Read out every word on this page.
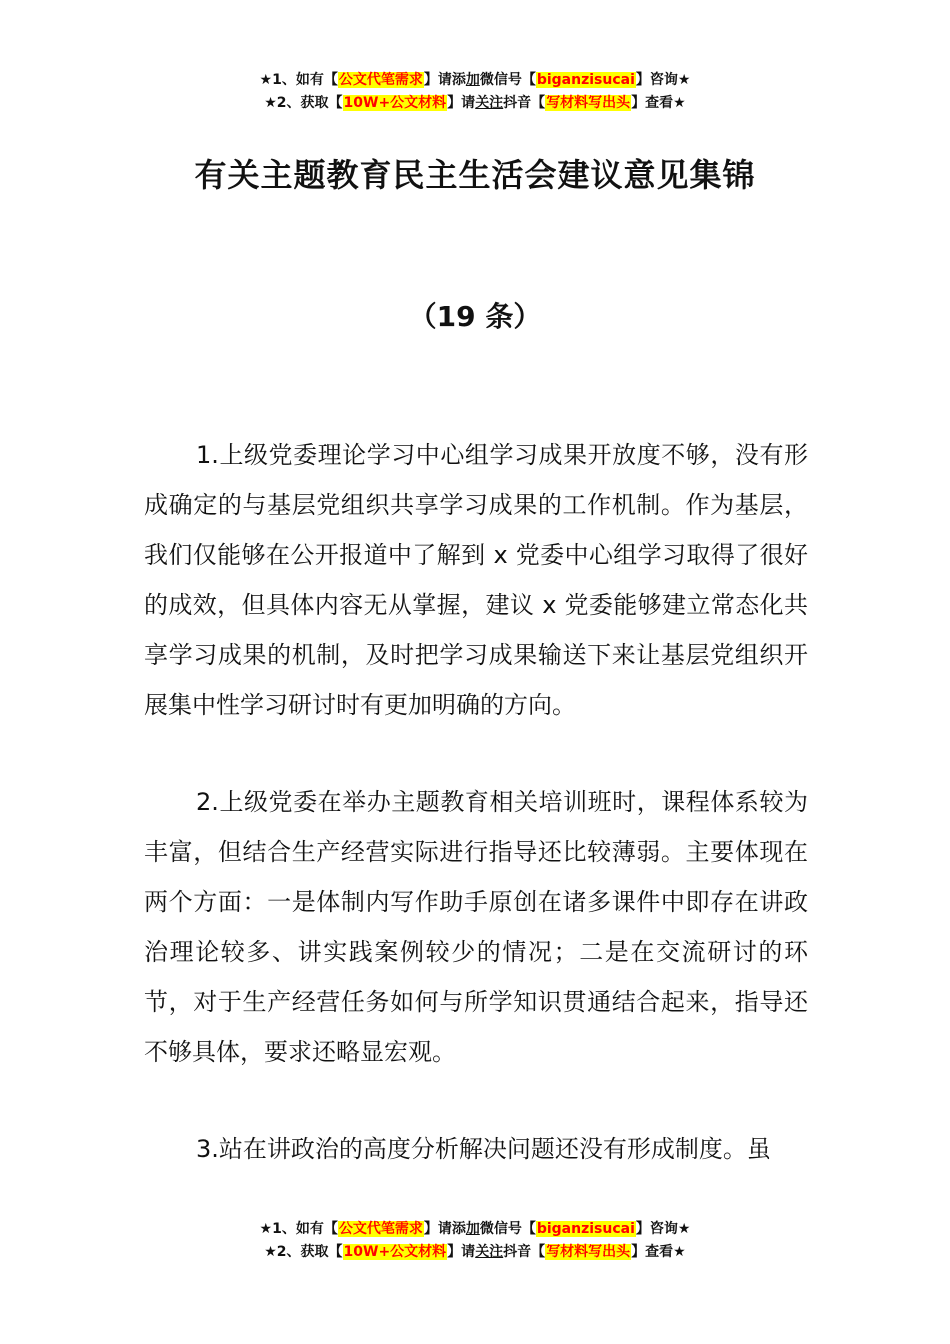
★1、如有【公文代笔需求】请添加微信号【biganzisucai】咨询★
★2、获取【10W+公文材料】请关注抖音【写材料写出头】查看★
有关主题教育民主生活会建议意见集锦
（19 条）

1.上级党委理论学习中心组学习成果开放度不够，没有形成确定的与基层党组织共享学习成果的工作机制。作为基层，我们仅能够在公开报道中了解到 x 党委中心组学习取得了很好的成效，但具体内容无从掌握，建议 x 党委能够建立常态化共享学习成果的机制，及时把学习成果输送下来让基层党组织开展集中性学习研讨时有更加明确的方向。

2.上级党委在举办主题教育相关培训班时，课程体系较为丰富，但结合生产经营实际进行指导还比较薄弱。主要体现在两个方面：一是体制内写作助手原创在诸多课件中即存在讲政治理论较多、讲实践案例较少的情况；二是在交流研讨的环节，对于生产经营任务如何与所学知识贯通结合起来，指导还不够具体，要求还略显宏观。

3.站在讲政治的高度分析解决问题还没有形成制度。虽

★1、如有【公文代笔需求】请添加微信号【biganzisucai】咨询★
★2、获取【10W+公文材料】请关注抖音【写材料写出头】查看★
